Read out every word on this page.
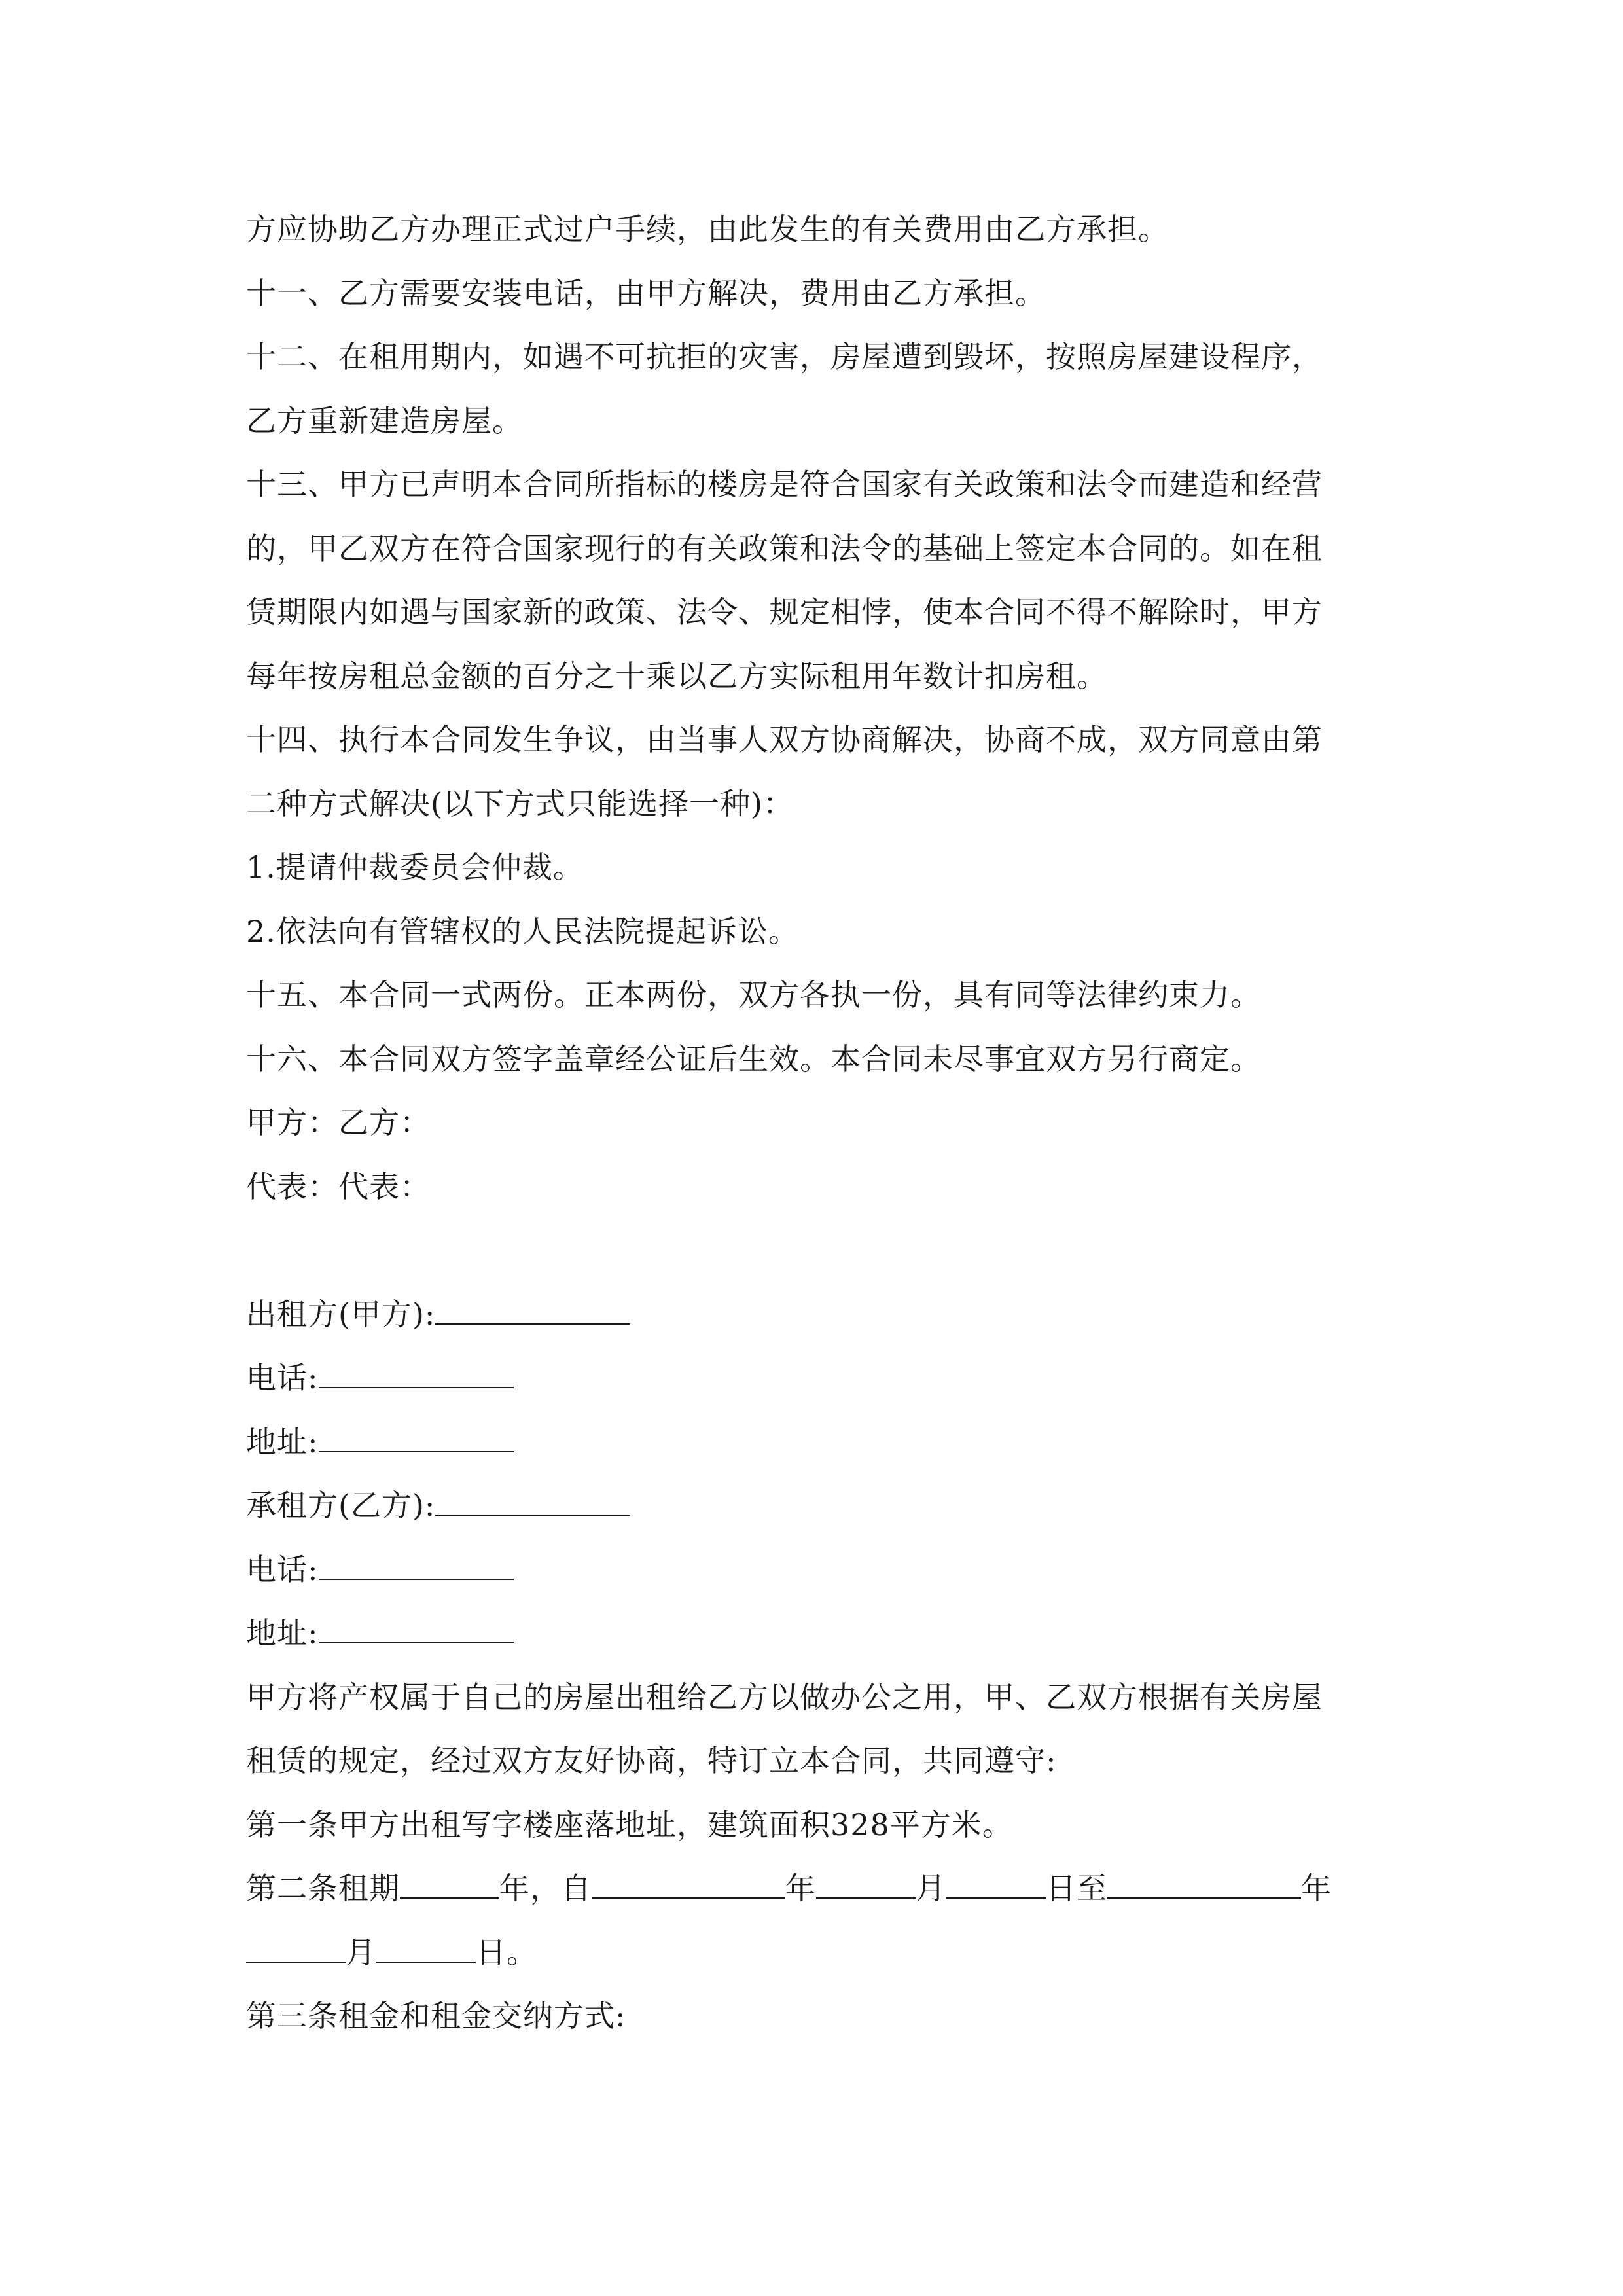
方应协助乙方办理正式过户手续，由此发生的有关费用由乙方承担。
十一、乙方需要安装电话，由甲方解决，费用由乙方承担。
十二、在租用期内，如遇不可抗拒的灾害，房屋遭到毁坏，按照房屋建设程序，
乙方重新建造房屋。
十三、甲方已声明本合同所指标的楼房是符合国家有关政策和法令而建造和经营
的，甲乙双方在符合国家现行的有关政策和法令的基础上签定本合同的。如在租
赁期限内如遇与国家新的政策、法令、规定相悖，使本合同不得不解除时，甲方
每年按房租总金额的百分之十乘以乙方实际租用年数计扣房租。
十四、执行本合同发生争议，由当事人双方协商解决，协商不成，双方同意由第
二种方式解决(以下方式只能选择一种)：
1.提请仲裁委员会仲裁。
2.依法向有管辖权的人民法院提起诉讼。
十五、本合同一式两份。正本两份，双方各执一份，具有同等法律约束力。
十六、本合同双方签字盖章经公证后生效。本合同未尽事宜双方另行商定。
甲方：乙方：
代表：代表：
出租方(甲方):
电话:
地址:
承租方(乙方):
电话:
地址:
甲方将产权属于自己的房屋出租给乙方以做办公之用，甲、乙双方根据有关房屋
租赁的规定，经过双方友好协商，特订立本合同，共同遵守:
第一条甲方出租写字楼座落地址，建筑面积328平方米。
第二条租期	年，自	年	月	日至	年
月	日。
第三条租金和租金交纳方式:
